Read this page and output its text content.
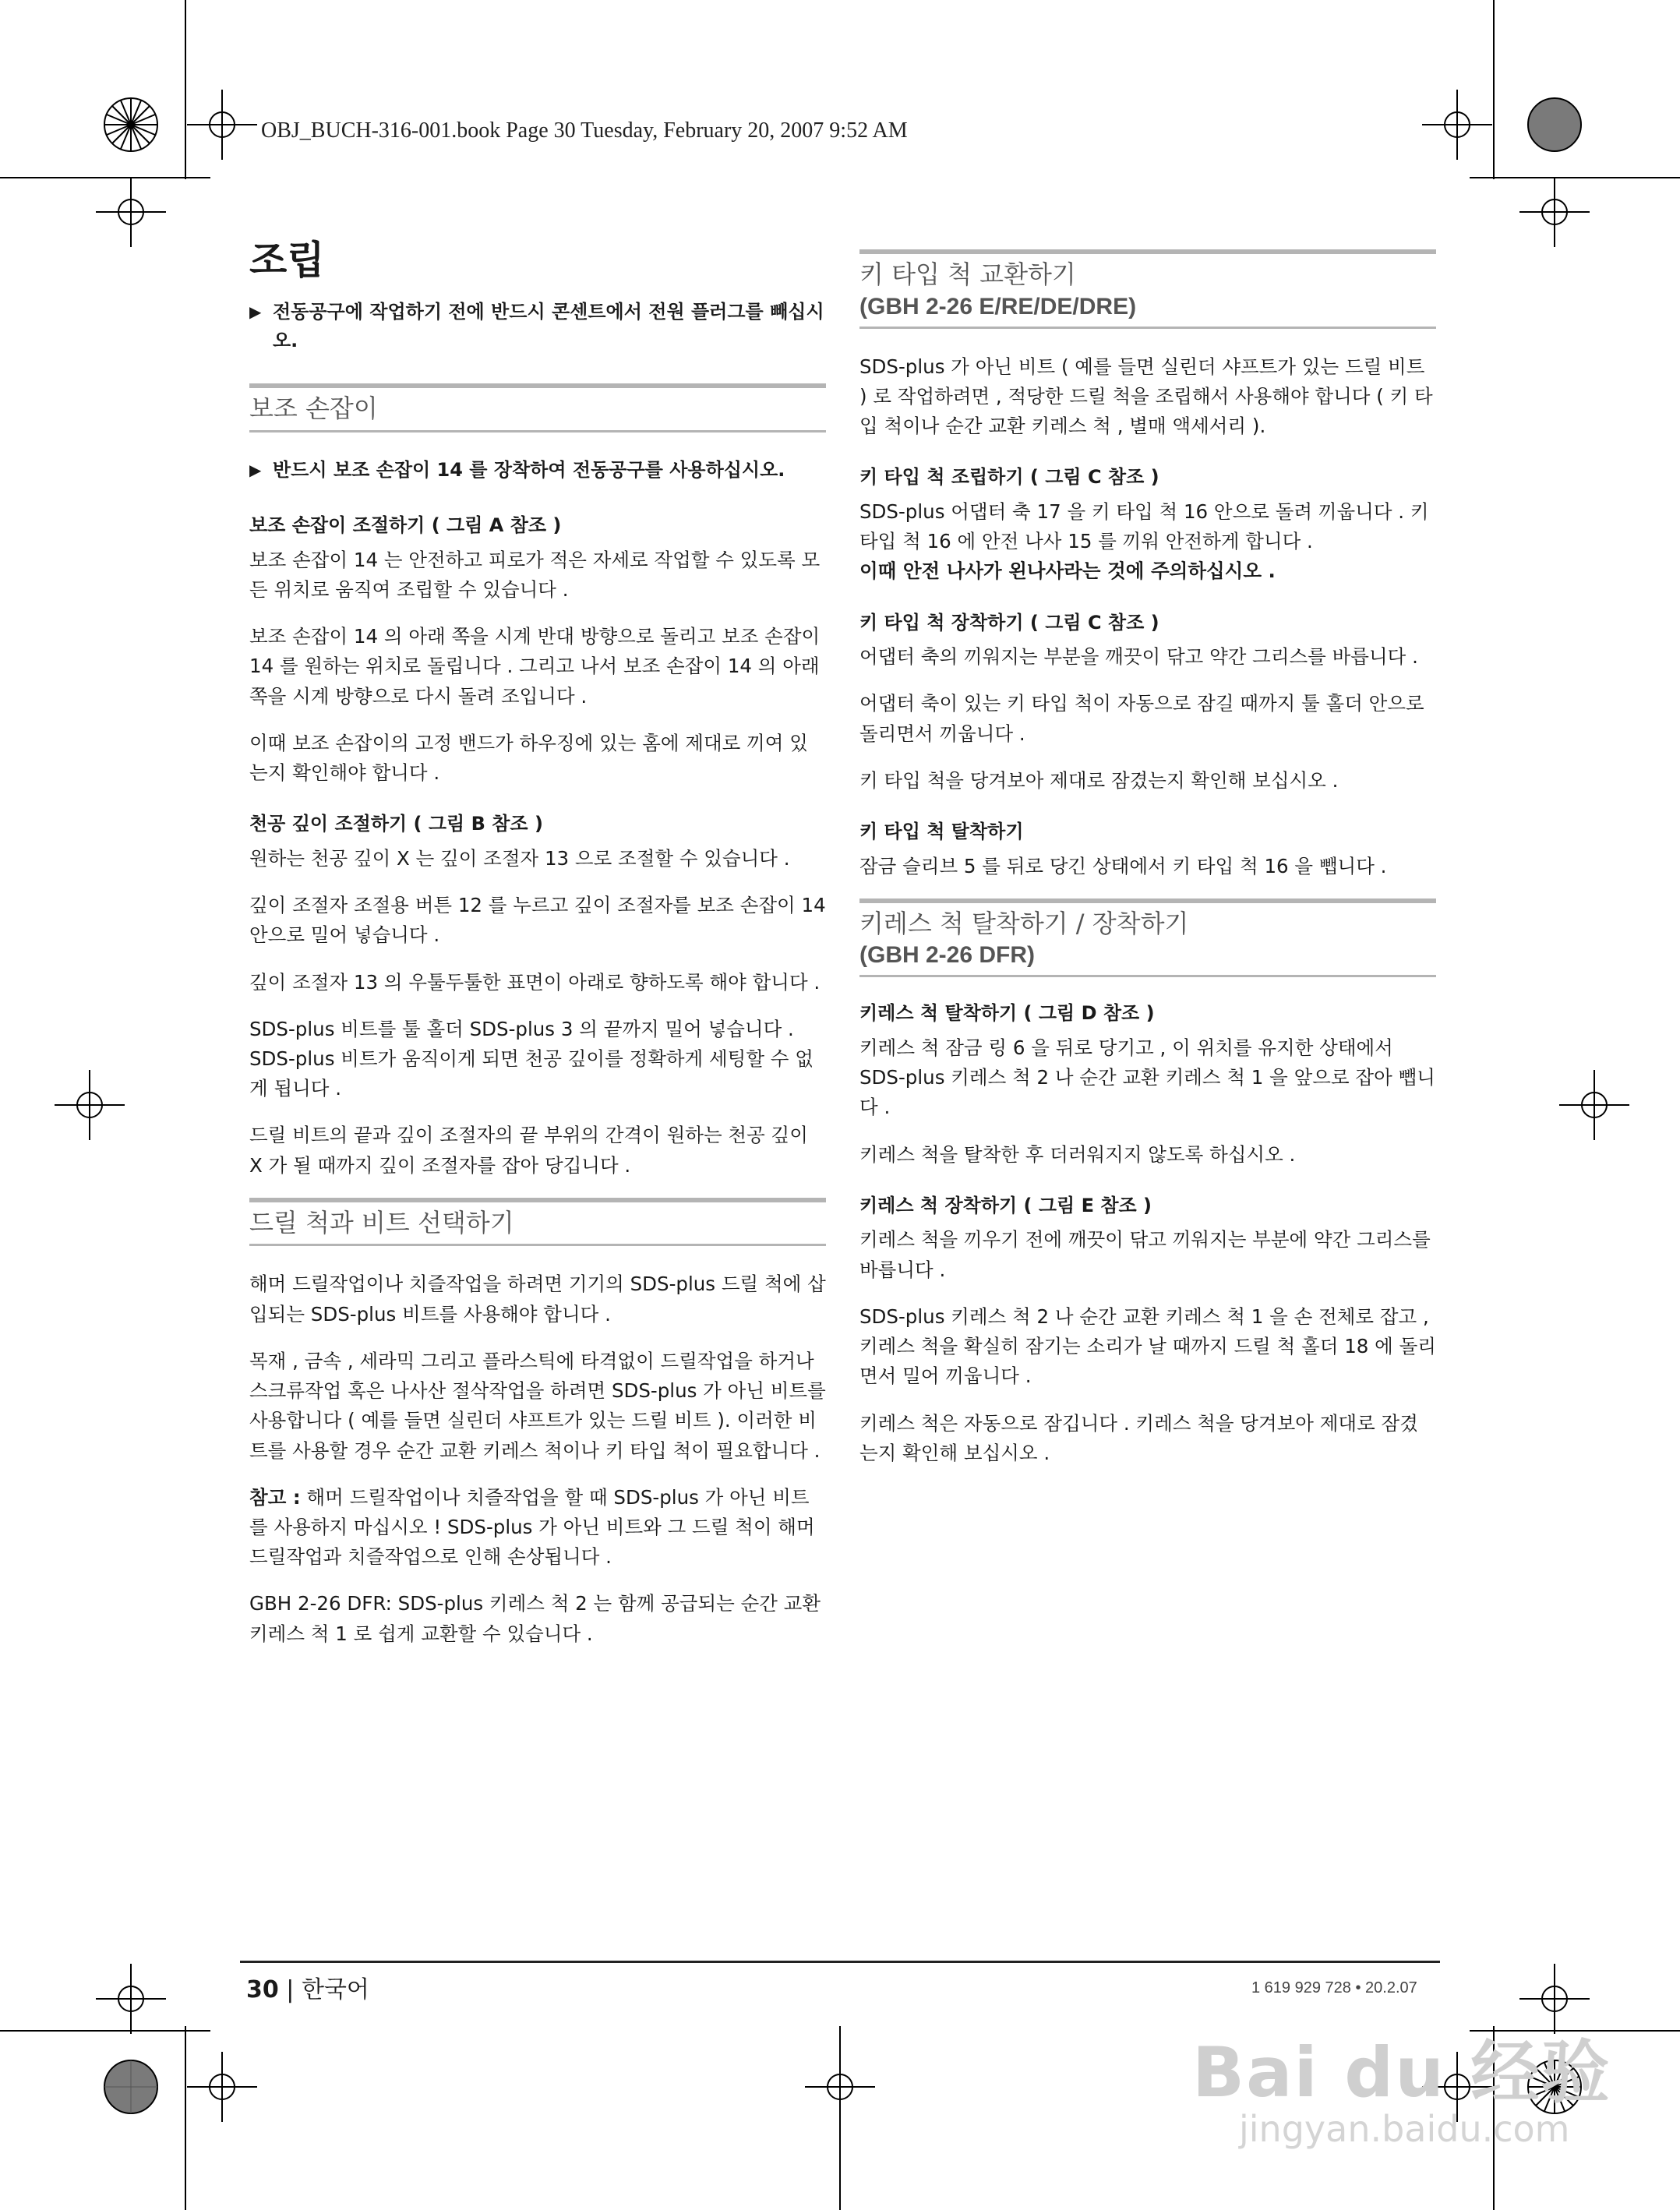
OBJ_BUCH-316-001.book Page 30 Tuesday, February 20, 2007 9:52 AM
조립
▶ 전동공구에 작업하기 전에 반드시 콘센트에서 전원 플러그를 빼십시오.
보조 손잡이
▶ 반드시 보조 손잡이 14 를 장착하여 전동공구를 사용하십시오.
보조 손잡이 조절하기 ( 그림 A 참조 )

보조 손잡이 14 는 안전하고 피로가 적은 자세로 작업할 수 있도록 모든 위치로 움직여 조립할 수 있습니다 .

보조 손잡이 14 의 아래 쪽을 시계 반대 방향으로 돌리고 보조 손잡이 14 를 원하는 위치로 돌립니다 . 그리고 나서 보조 손잡이 14 의 아래 쪽을 시계 방향으로 다시 돌려 조입니다 .

이때 보조 손잡이의 고정 밴드가 하우징에 있는 홈에 제대로 끼여 있는지 확인해야 합니다 .

천공 깊이 조절하기 ( 그림 B 참조 )

원하는 천공 깊이 X 는 깊이 조절자 13 으로 조절할 수 있습니다 .

깊이 조절자 조절용 버튼 12 를 누르고 깊이 조절자를 보조 손잡이 14 안으로 밀어 넣습니다 .

깊이 조절자 13 의 우툴두툴한 표면이 아래로 향하도록 해야 합니다 .

SDS-plus 비트를 툴 홀더 SDS-plus 3 의 끝까지 밀어 넣습니다 . SDS-plus 비트가 움직이게 되면 천공 깊이를 정확하게 세팅할 수 없게 됩니다 .

드릴 비트의 끝과 깊이 조절자의 끝 부위의 간격이 원하는 천공 깊이 X 가 될 때까지 깊이 조절자를 잡아 당깁니다 .

드릴 척과 비트 선택하기

해머 드릴작업이나 치즐작업을 하려면 기기의 SDS-plus 드릴 척에 삽입되는 SDS-plus 비트를 사용해야 합니다 .

목재 , 금속 , 세라믹 그리고 플라스틱에 타격없이 드릴작업을 하거나 스크류작업 혹은 나사산 절삭작업을 하려면 SDS-plus 가 아닌 비트를 사용합니다 ( 예를 들면 실린더 샤프트가 있는 드릴 비트 ). 이러한 비트를 사용할 경우 순간 교환 키레스 척이나 키 타입 척이 필요합니다 .

참고 : 해머 드릴작업이나 치즐작업을 할 때 SDS-plus 가 아닌 비트를 사용하지 마십시오 ! SDS-plus 가 아닌 비트와 그 드릴 척이 해머 드릴작업과 치즐작업으로 인해 손상됩니다 .

GBH 2-26 DFR: SDS-plus 키레스 척 2 는 함께 공급되는 순간 교환 키레스 척 1 로 쉽게 교환할 수 있습니다 .

키 타입 척 교환하기
(GBH 2-26 E/RE/DE/DRE)

SDS-plus 가 아닌 비트 ( 예를 들면 실린더 샤프트가 있는 드릴 비트 ) 로 작업하려면 , 적당한 드릴 척을 조립해서 사용해야 합니다 ( 키 타입 척이나 순간 교환 키레스 척 , 별매 액세서리 ).

키 타입 척 조립하기 ( 그림 C 참조 )

SDS-plus 어댑터 축 17 을 키 타입 척 16 안으로 돌려 끼웁니다 . 키 타입 척 16 에 안전 나사 15 를 끼워 안전하게 합니다 .

이때 안전 나사가 왼나사라는 것에 주의하십시오 .

키 타입 척 장착하기 ( 그림 C 참조 )

어댑터 축의 끼워지는 부분을 깨끗이 닦고 약간 그리스를 바릅니다 .

어댑터 축이 있는 키 타입 척이 자동으로 잠길 때까지 툴 홀더 안으로 돌리면서 끼웁니다 .

키 타입 척을 당겨보아 제대로 잠겼는지 확인해 보십시오 .

키 타입 척 탈착하기

잠금 슬리브 5 를 뒤로 당긴 상태에서 키 타입 척 16 을 뺍니다 .

키레스 척 탈착하기 / 장착하기
(GBH 2-26 DFR)
키레스 척 탈착하기 ( 그림 D 참조 )

키레스 척 잠금 링 6 을 뒤로 당기고 , 이 위치를 유지한 상태에서 SDS-plus 키레스 척 2 나 순간 교환 키레스 척 1 을 앞으로 잡아 뺍니다 .

키레스 척을 탈착한 후 더러워지지 않도록 하십시오 .

키레스 척 장착하기 ( 그림 E 참조 )

키레스 척을 끼우기 전에 깨끗이 닦고 끼워지는 부분에 약간 그리스를 바릅니다 .

SDS-plus 키레스 척 2 나 순간 교환 키레스 척 1 을 손 전체로 잡고 , 키레스 척을 확실히 잠기는 소리가 날 때까지 드릴 척 홀더 18 에 돌리면서 밀어 끼웁니다 .

키레스 척은 자동으로 잠깁니다 . 키레스 척을 당겨보아 제대로 잠겼는지 확인해 보십시오 .

30 | 한국어	1 619 929 728 • 20.2.07
Bai du 经验
jingyan.baidu.com
